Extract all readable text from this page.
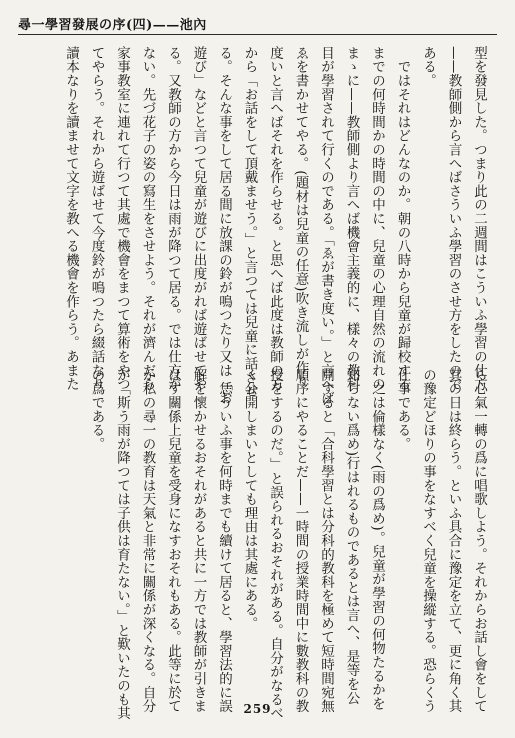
尋一學習發展の序(四)——池內
型を發見した。つまり此の二週間はこういふ學習の仕方
——教師側から言へばさういふ學習のさせ方をしたので
ある。
　ではそれはどんなのか。朝の八時から兒童が歸校する
までの何時間かの時間の中に、兒童の心理自然の流れの
まゝに——教師側より言へば機會主義的に、樣々の教科
目が學習されて行くのである。「ゑが書き度い。」と言へば
ゑを書かせてやる。(題材は兒童の任意)吹き流しが作り
度いと言へばそれを作らせる。と思へば此度は教師の方
から「お話をして頂戴ませう。」と言つては兒童に話させ
る。そんな事をして居る間に放課の鈴が鳴つたり又は「お
遊び」などと言つて兒童が遊びに出度がれば遊ばせてや
る。又教師の方から今日は雨が降つて居る。では仕方が
ない。先づ花子の姿の寫生をさせよう。それが濟んだら
家事教室に連れて行つて其處で機會をまつて算術をやつ
てやらう。それから遊ばせて今度鈴が鳴つたら綴話なり
讀本なりを讀ませて文字を教へる機會を作らう。あまた
ら心氣一轉の爲に唱歌しよう。それからお話し會をして
其の日は終らう。といふ具合に豫定を立て、更に角く其
の豫定どほりの事をなすべく兒童を操縱する。恐らくう
仕事である。
　之は倫樣なく(雨の爲め)。兒童が學習の何物たるかを
知らない爲め)行はれるものであるとは言へ、是等を公
開すると「合科學習とは分科的教科を極めて短時間宛無
順序にやることだ——一時間の授業時間中に數教科の教
授をするのだ。」と誤られるおそれがある。自分がなるべ
く公開しまいとしても理由は其處にある。
　恁ういふ事を何時までも續けて居ると、學習法的に誤
解を懷かせるおそれがあると共に一方では教師が引きま
はす關係上兒童を受身になすおそれもある。此等に於て
か私の尋一の教育は天氣と非常に關係が深くなる。自分
が「斯う雨が降つては子供は育たない。」と歎いたのも其
の爲である。
259
